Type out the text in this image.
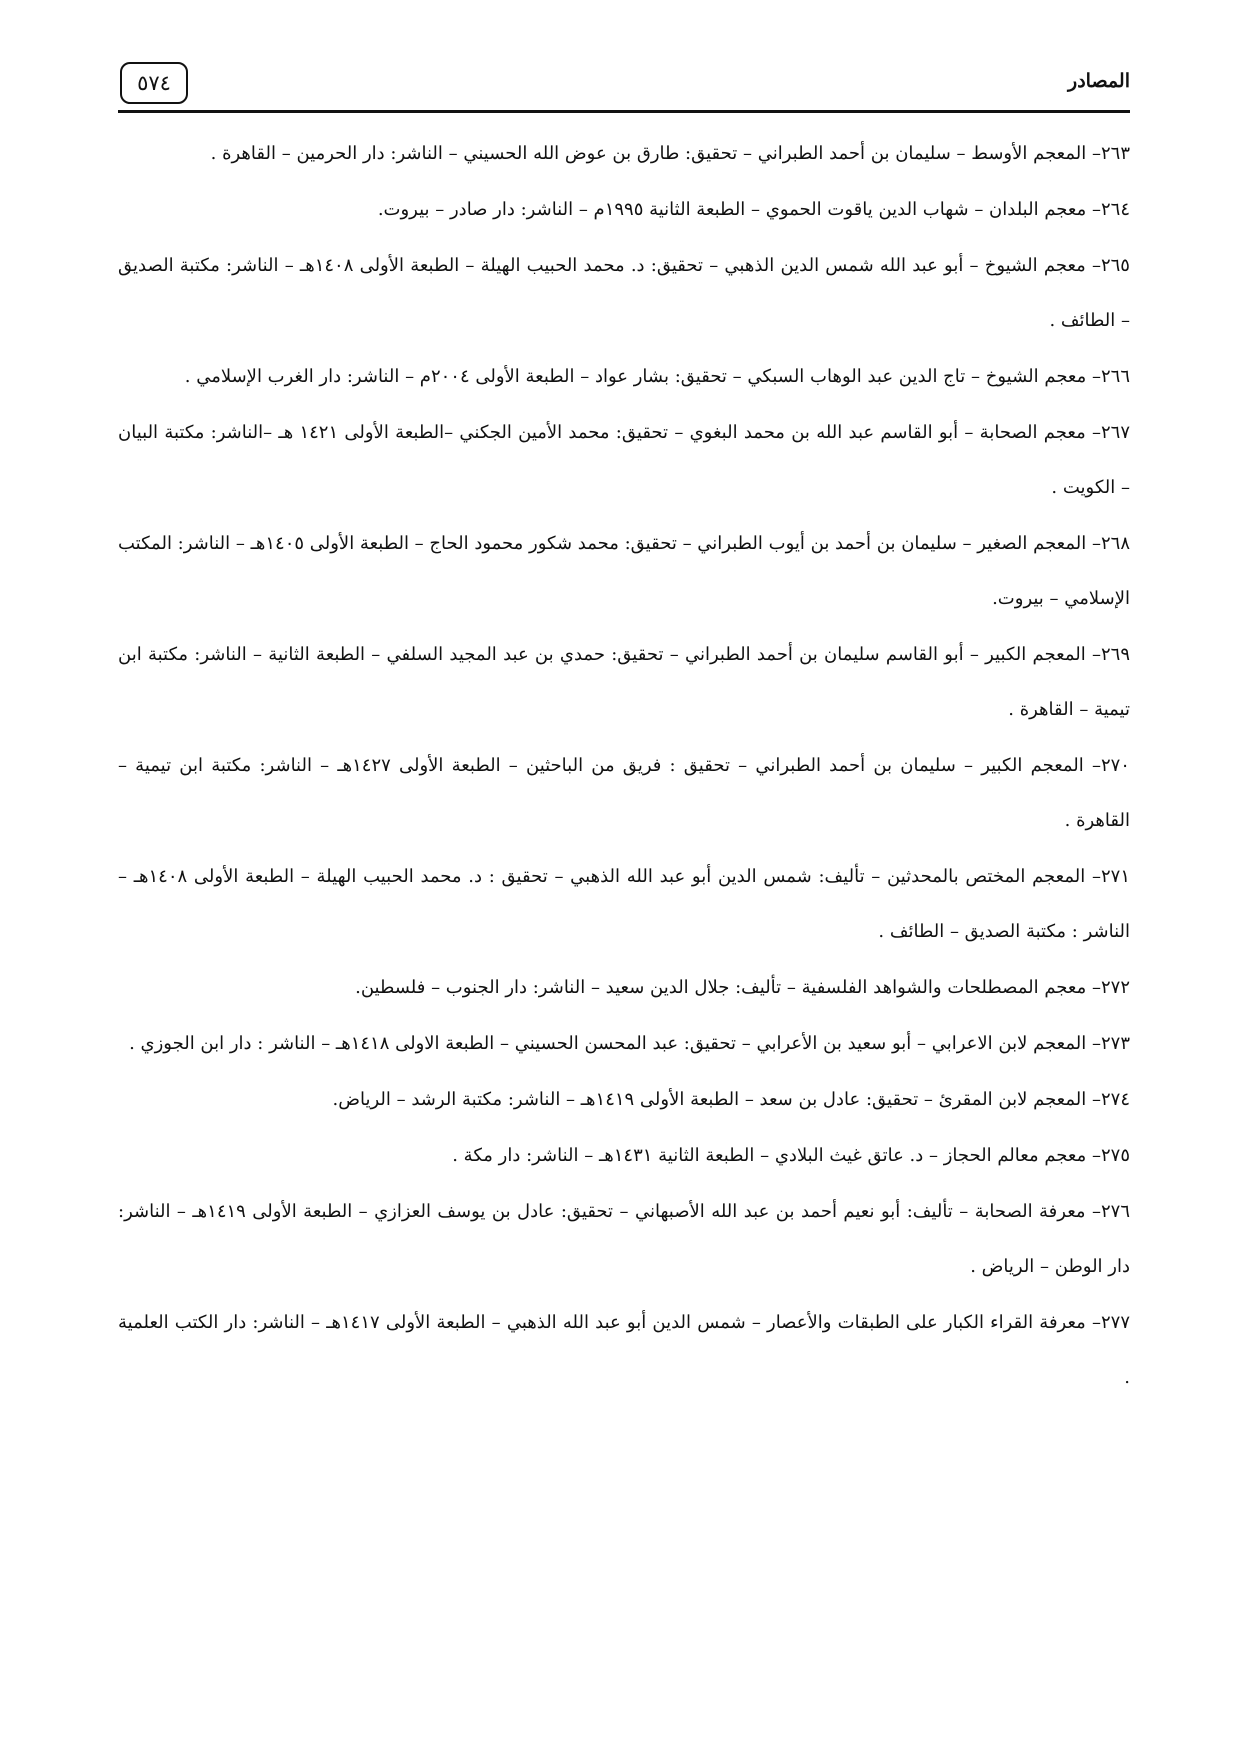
٥٧٤	المصادر
٢٦٣– المعجم الأوسط – سليمان بن أحمد الطبراني – تحقيق: طارق بن عوض الله الحسيني – الناشر: دار الحرمين – القاهرة .
٢٦٤– معجم البلدان – شهاب الدين ياقوت الحموي – الطبعة الثانية ١٩٩٥م – الناشر: دار صادر – بيروت.
٢٦٥– معجم الشيوخ – أبو عبد الله شمس الدين الذهبي – تحقيق: د. محمد الحبيب الهيلة – الطبعة الأولى ١٤٠٨هـ – الناشر: مكتبة الصديق – الطائف .
٢٦٦– معجم الشيوخ – تاج الدين عبد الوهاب السبكي – تحقيق: بشار عواد – الطبعة الأولى ٢٠٠٤م – الناشر: دار الغرب الإسلامي .
٢٦٧– معجم الصحابة – أبو القاسم عبد الله بن محمد البغوي – تحقيق: محمد الأمين الجكني –الطبعة الأولى ١٤٢١ هـ –الناشر: مكتبة البيان – الكويت .
٢٦٨– المعجم الصغير – سليمان بن أحمد بن أيوب الطبراني – تحقيق: محمد شكور محمود الحاج – الطبعة الأولى ١٤٠٥هـ – الناشر: المكتب الإسلامي – بيروت.
٢٦٩– المعجم الكبير – أبو القاسم سليمان بن أحمد الطبراني – تحقيق: حمدي بن عبد المجيد السلفي – الطبعة الثانية – الناشر: مكتبة ابن تيمية – القاهرة .
٢٧٠– المعجم الكبير – سليمان بن أحمد الطبراني – تحقيق : فريق من الباحثين – الطبعة الأولى ١٤٢٧هـ – الناشر: مكتبة ابن تيمية – القاهرة .
٢٧١– المعجم المختص بالمحدثين – تأليف: شمس الدين أبو عبد الله الذهبي – تحقيق : د. محمد الحبيب الهيلة – الطبعة الأولى ١٤٠٨هـ – الناشر : مكتبة الصديق – الطائف .
٢٧٢– معجم المصطلحات والشواهد الفلسفية – تأليف: جلال الدين سعيد – الناشر: دار الجنوب – فلسطين.
٢٧٣– المعجم لابن الاعرابي – أبو سعيد بن الأعرابي – تحقيق: عبد المحسن الحسيني – الطبعة الاولى ١٤١٨هـ – الناشر : دار ابن الجوزي .
٢٧٤– المعجم لابن المقرئ – تحقيق: عادل بن سعد – الطبعة الأولى ١٤١٩هـ – الناشر: مكتبة الرشد – الرياض.
٢٧٥– معجم معالم الحجاز – د. عاتق غيث البلادي – الطبعة الثانية ١٤٣١هـ – الناشر: دار مكة .
٢٧٦– معرفة الصحابة – تأليف: أبو نعيم أحمد بن عبد الله الأصبهاني – تحقيق: عادل بن يوسف العزازي – الطبعة الأولى ١٤١٩هـ – الناشر: دار الوطن – الرياض .
٢٧٧– معرفة القراء الكبار على الطبقات والأعصار – شمس الدين أبو عبد الله الذهبي – الطبعة الأولى ١٤١٧هـ – الناشر: دار الكتب العلمية .
